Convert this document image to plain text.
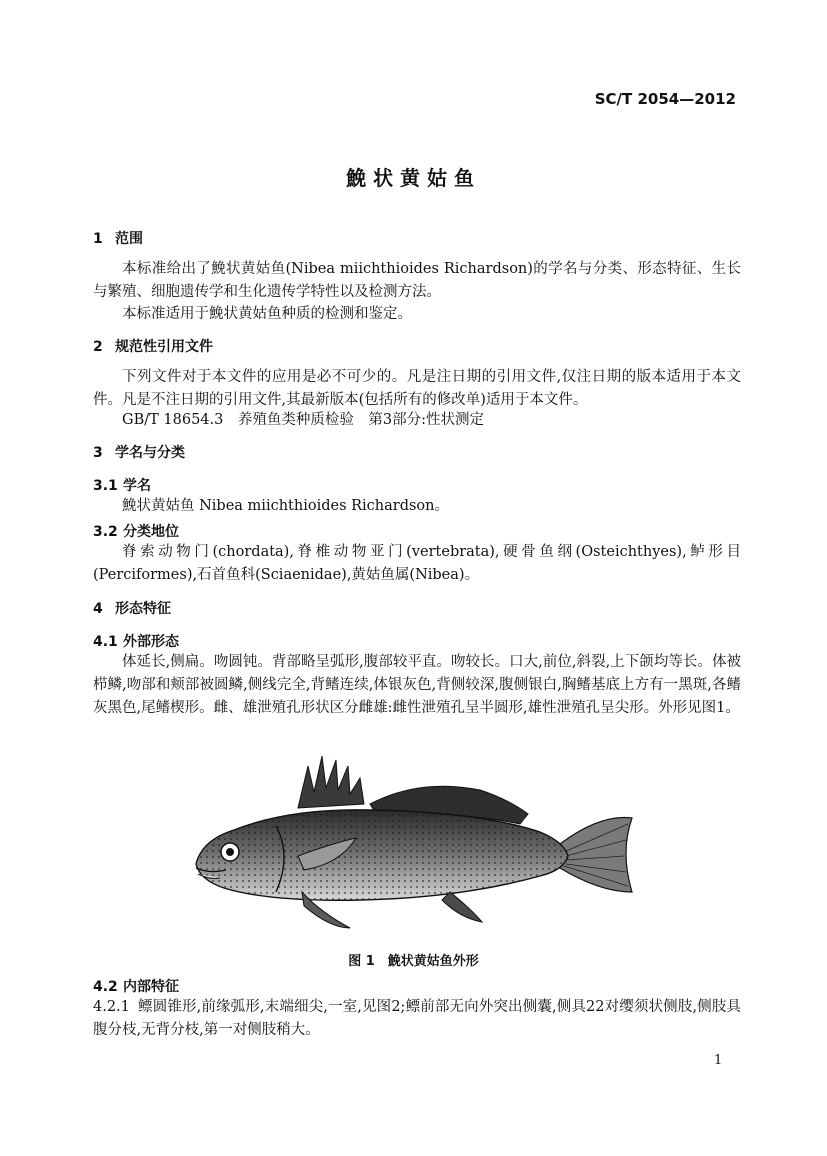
SC/T 2054—2012
鮸状黄姑鱼
1 范围
本标准给出了鮸状黄姑鱼(Nibea miichthioides Richardson)的学名与分类、形态特征、生长与繁殖、细胞遗传学和生化遗传学特性以及检测方法。
本标准适用于鮸状黄姑鱼种质的检测和鉴定。
2 规范性引用文件
下列文件对于本文件的应用是必不可少的。凡是注日期的引用文件,仅注日期的版本适用于本文件。凡是不注日期的引用文件,其最新版本(包括所有的修改单)适用于本文件。
GB/T 18654.3　养殖鱼类种质检验　第3部分:性状测定
3 学名与分类
3.1 学名
鮸状黄姑鱼 Nibea miichthioides Richardson。
3.2 分类地位
脊索动物门(chordata),脊椎动物亚门(vertebrata),硬骨鱼纲(Osteichthyes),鲈形目(Perciformes),石首鱼科(Sciaenidae),黄姑鱼属(Nibea)。
4 形态特征
4.1 外部形态
体延长,侧扁。吻圆钝。背部略呈弧形,腹部较平直。吻较长。口大,前位,斜裂,上下颌均等长。体被栉鳞,吻部和颊部被圆鳞,侧线完全,背鳍连续,体银灰色,背侧较深,腹侧银白,胸鳍基底上方有一黑斑,各鳍灰黑色,尾鳍楔形。雌、雄泄殖孔形状区分雌雄:雌性泄殖孔呈半圆形,雄性泄殖孔呈尖形。外形见图1。
图 1　鮸状黄姑鱼外形
4.2 内部特征
4.2.1 鳔圆锥形,前缘弧形,末端细尖,一室,见图2;鳔前部无向外突出侧囊,侧具22对缨须状侧肢,侧肢具腹分枝,无背分枝,第一对侧肢稍大。
1
